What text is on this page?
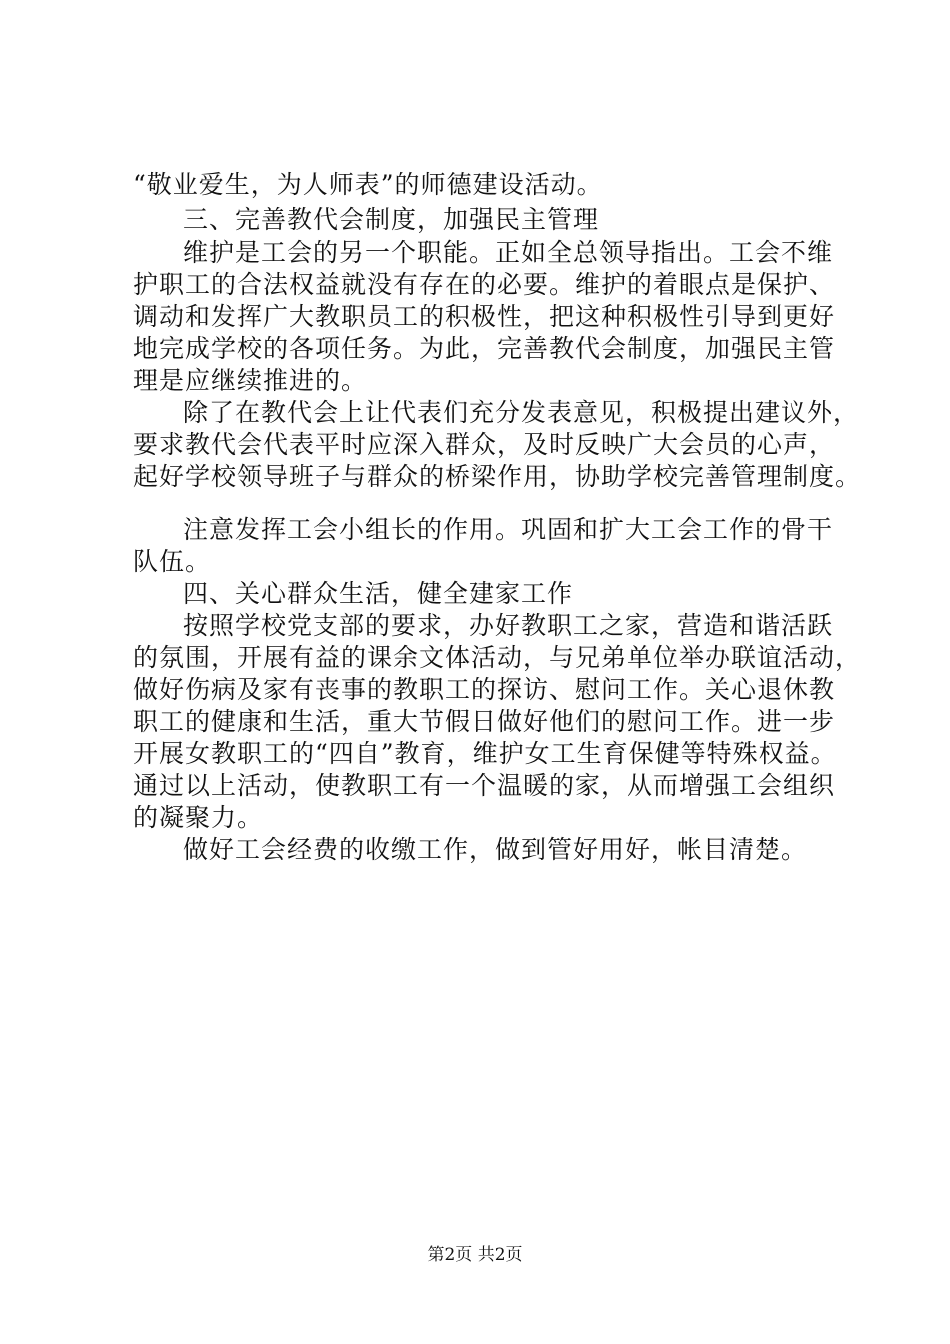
“敬业爱生，为人师表”的师德建设活动。
三、完善教代会制度，加强民主管理
维护是工会的另一个职能。正如全总领导指出。工会不维
护职工的合法权益就没有存在的必要。维护的着眼点是保护、
调动和发挥广大教职员工的积极性，把这种积极性引导到更好
地完成学校的各项任务。为此，完善教代会制度，加强民主管
理是应继续推进的。
除了在教代会上让代表们充分发表意见，积极提出建议外，
要求教代会代表平时应深入群众，及时反映广大会员的心声，
起好学校领导班子与群众的桥梁作用，协助学校完善管理制度。
注意发挥工会小组长的作用。巩固和扩大工会工作的骨干
队伍。
四、关心群众生活，健全建家工作
按照学校党支部的要求，办好教职工之家，营造和谐活跃
的氛围，开展有益的课余文体活动，与兄弟单位举办联谊活动，
做好伤病及家有丧事的教职工的探访、慰问工作。关心退休教
职工的健康和生活，重大节假日做好他们的慰问工作。进一步
开展女教职工的“四自”教育，维护女工生育保健等特殊权益。
通过以上活动，使教职工有一个温暖的家，从而增强工会组织
的凝聚力。
做好工会经费的收缴工作，做到管好用好，帐目清楚。
第2页 共2页
